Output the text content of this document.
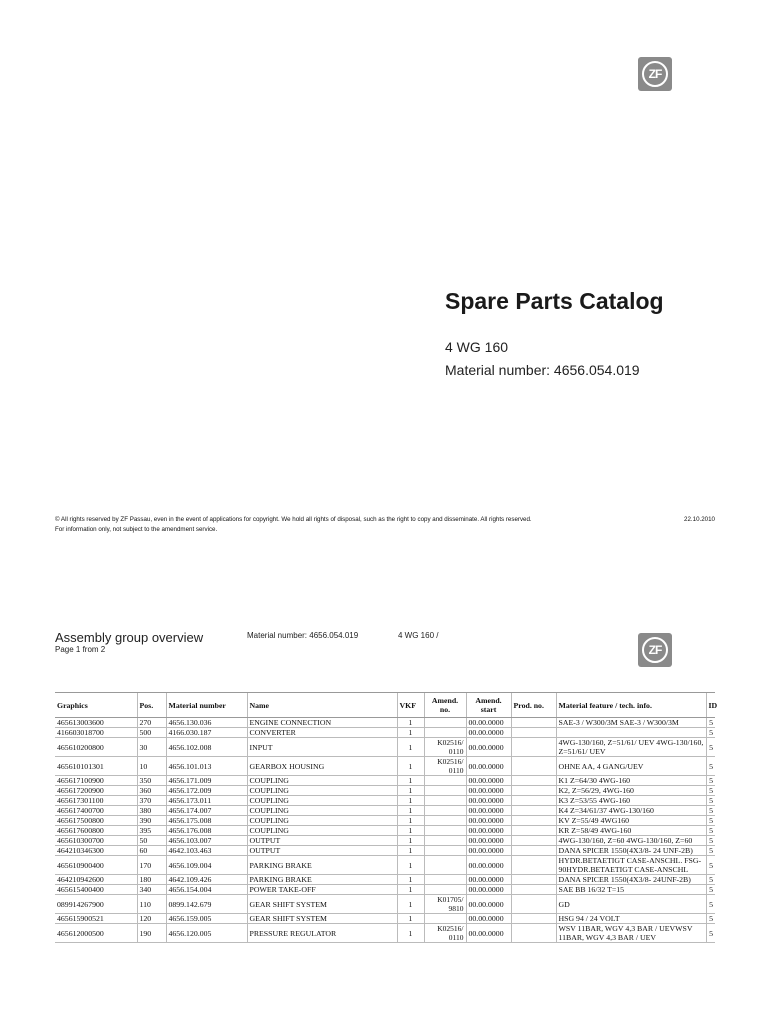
ZF
Spare Parts Catalog
4 WG 160
Material number: 4656.054.019
© All rights reserved by ZF Passau, even in the event of applications for copyright. We hold all rights of disposal, such as the right to copy and disseminate. All rights reserved.
For information only, not subject to the amendment service.
22.10.2010
Assembly group overview
Page 1 from 2
Material number: 4656.054.019	4 WG 160 /
ZF
Graphics	Pos.	Material number	Name	VKF	Amend. no.	Amend. start	Prod. no.	Material feature / tech. info.	ID
465613003600	270	4656.130.036	ENGINE CONNECTION	1		00.00.0000		SAE-3 / W300/3M SAE-3 / W300/3M	5
416603018700	500	4166.030.187	CONVERTER	1		00.00.0000			5
465610200800	30	4656.102.008	INPUT	1	K02516/ 0110	00.00.0000		4WG-130/160, Z=51/61/ UEV 4WG-130/160, Z=51/61/ UEV	5
465610101301	10	4656.101.013	GEARBOX HOUSING	1	K02516/ 0110	00.00.0000		OHNE AA, 4 GANG/UEV	5
465617100900	350	4656.171.009	COUPLING	1		00.00.0000		K1 Z=64/30 4WG-160	5
465617200900	360	4656.172.009	COUPLING	1		00.00.0000		K2, Z=56/29, 4WG-160	5
465617301100	370	4656.173.011	COUPLING	1		00.00.0000		K3 Z=53/55 4WG-160	5
465617400700	380	4656.174.007	COUPLING	1		00.00.0000		K4 Z=34/61/37 4WG-130/160	5
465617500800	390	4656.175.008	COUPLING	1		00.00.0000		KV Z=55/49 4WG160	5
465617600800	395	4656.176.008	COUPLING	1		00.00.0000		KR Z=58/49 4WG-160	5
465610300700	50	4656.103.007	OUTPUT	1		00.00.0000		4WG-130/160, Z=60 4WG-130/160, Z=60	5
464210346300	60	4642.103.463	OUTPUT	1		00.00.0000		DANA SPICER 1550(4X3/8- 24 UNF-2B)	5
465610900400	170	4656.109.004	PARKING BRAKE	1		00.00.0000		HYDR.BETAETIGT CASE-ANSCHL. FSG-90HYDR.BETAETIGT CASE-ANSCHL	5
464210942600	180	4642.109.426	PARKING BRAKE	1		00.00.0000		DANA SPICER 1550(4X3/8- 24UNF-2B)	5
465615400400	340	4656.154.004	POWER TAKE-OFF	1		00.00.0000		SAE BB 16/32 T=15	5
089914267900	110	0899.142.679	GEAR SHIFT SYSTEM	1	K01705/ 9810	00.00.0000		GD	5
465615900521	120	4656.159.005	GEAR SHIFT SYSTEM	1		00.00.0000		HSG 94 / 24 VOLT	5
465612000500	190	4656.120.005	PRESSURE REGULATOR	1	K02516/ 0110	00.00.0000		WSV 11BAR, WGV 4,3 BAR / UEVWSV 11BAR, WGV 4,3 BAR / UEV	5
